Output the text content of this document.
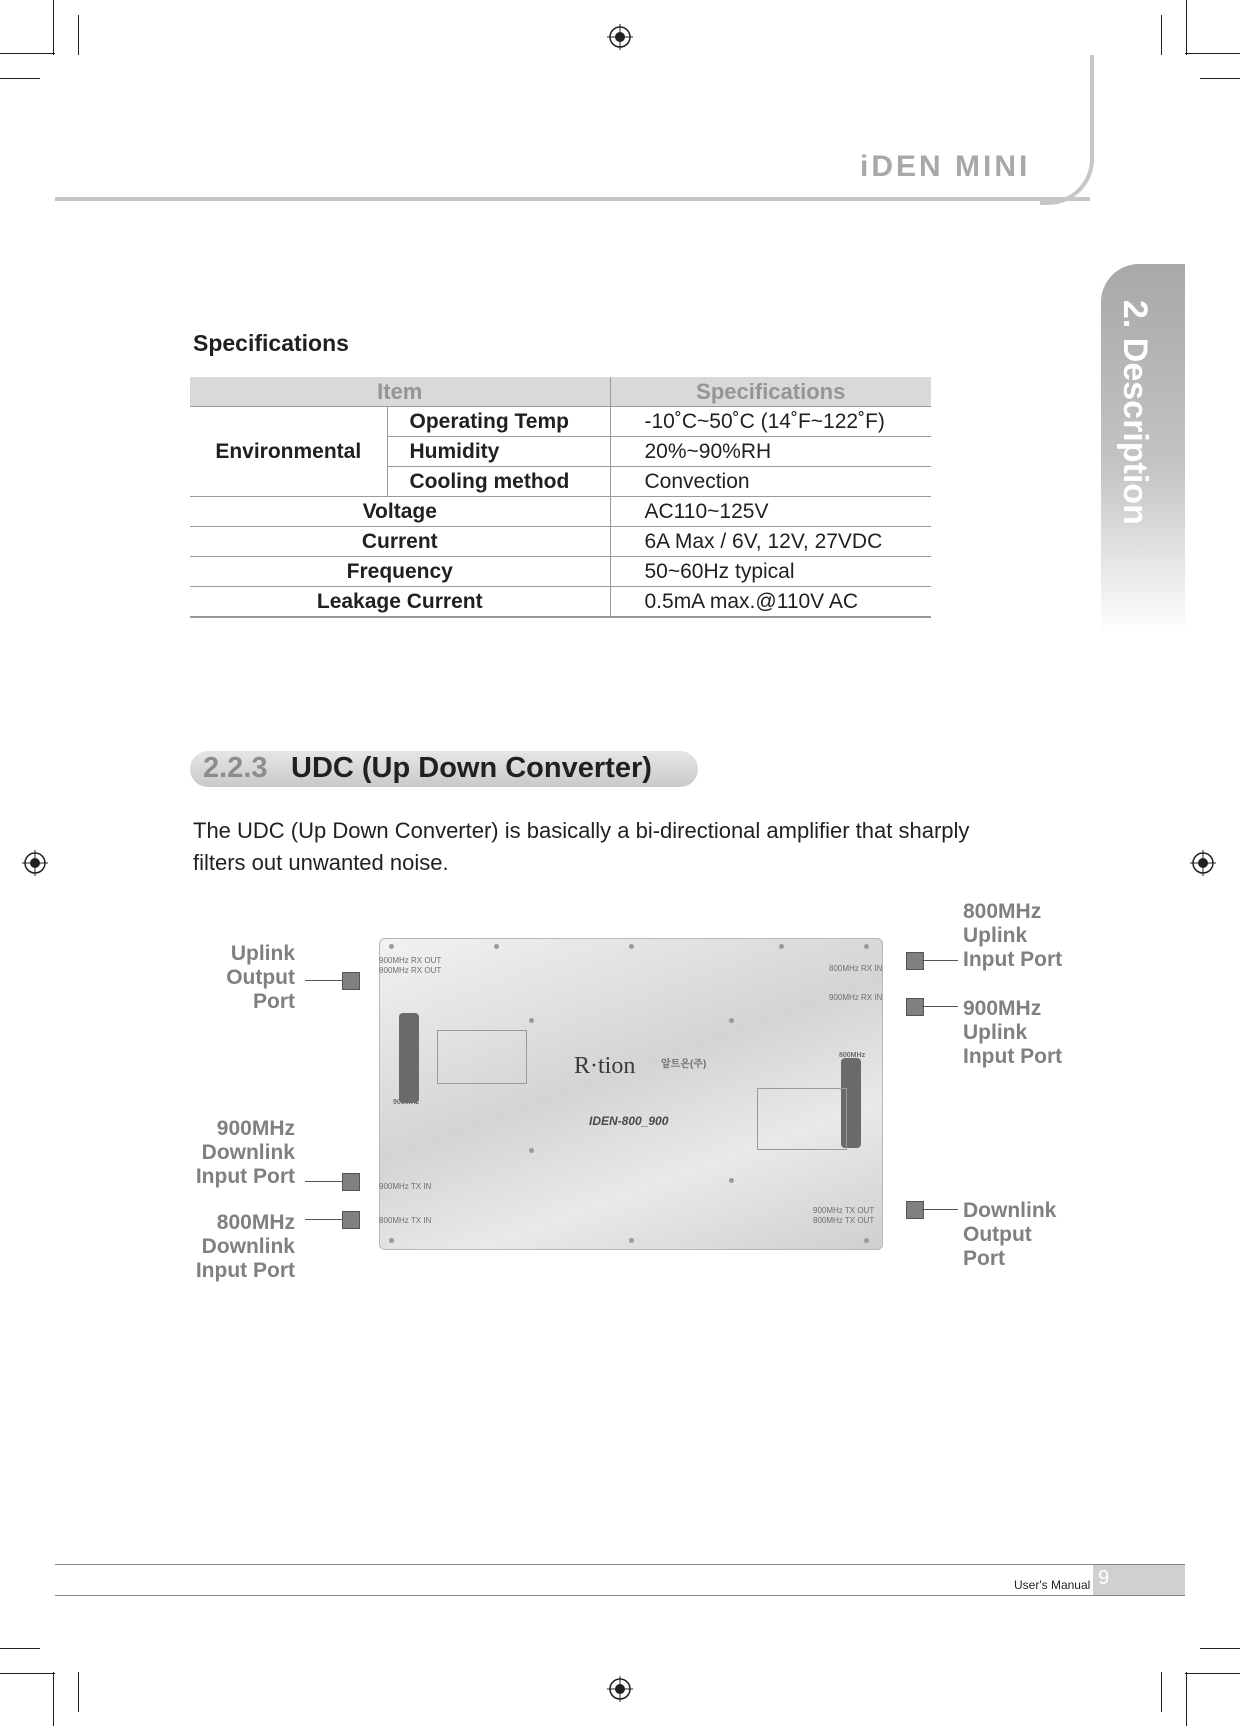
iDEN MINI
2. Description
Specifications
Item		Specifications
Environmental	Operating Temp	-10˚C~50˚C (14˚F~122˚F)
	Humidity	20%~90%RH
	Cooling method	Convection
Voltage		AC110~125V
Current		6A Max / 6V, 12V, 27VDC
Frequency		50~60Hz typical
Leakage Current		0.5mA max.@110V AC
2.2.3 UDC (Up Down Converter)
The UDC (Up Down Converter) is basically a bi-directional amplifier that sharply
filters out unwanted noise.
900MHz RX OUT
800MHz RX OUT	800MHz RX IN
900MHz RX IN
900MHz TX IN
800MHz TX IN
900MHz TX OUT
800MHz TX OUT
900MHz
800MHz
R·tion	알트온(주)
IDEN-800_900
Uplink
Output
Port
900MHz
Downlink
Input Port
800MHz
Downlink
Input Port
800MHz
Uplink
Input Port
900MHz
Uplink
Input Port
Downlink
Output
Port
User's Manual 9
